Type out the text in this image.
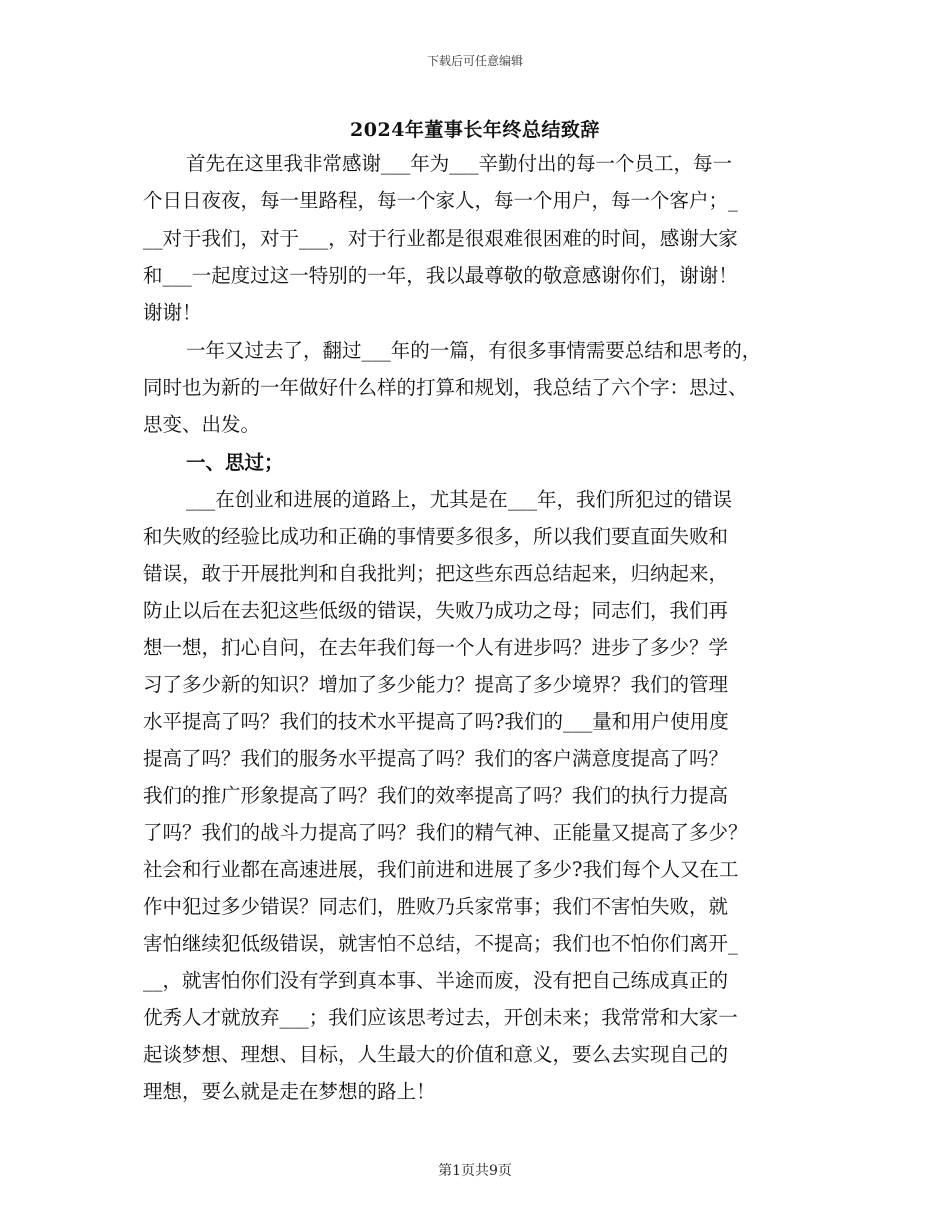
下载后可任意编辑
2024年董事长年终总结致辞
首先在这里我非常感谢___年为___辛勤付出的每一个员工，每一
个日日夜夜，每一里路程，每一个家人，每一个用户，每一个客户；_
__对于我们，对于___，对于行业都是很艰难很困难的时间，感谢大家
和___一起度过这一特别的一年，我以最尊敬的敬意感谢你们，谢谢！
谢谢！
一年又过去了，翻过___年的一篇，有很多事情需要总结和思考的，
同时也为新的一年做好什么样的打算和规划，我总结了六个字：思过、
思变、出发。
一、思过；
___在创业和进展的道路上，尤其是在___年，我们所犯过的错误
和失败的经验比成功和正确的事情要多很多，所以我们要直面失败和
错误，敢于开展批判和自我批判；把这些东西总结起来，归纳起来，
防止以后在去犯这些低级的错误，失败乃成功之母；同志们，我们再
想一想，扪心自问，在去年我们每一个人有进步吗？进步了多少？学
习了多少新的知识？增加了多少能力？提高了多少境界？我们的管理
水平提高了吗？我们的技术水平提高了吗?我们的___量和用户使用度
提高了吗？我们的服务水平提高了吗？我们的客户满意度提高了吗？
我们的推广形象提高了吗？我们的效率提高了吗？我们的执行力提高
了吗？我们的战斗力提高了吗？我们的精气神、正能量又提高了多少？
社会和行业都在高速进展，我们前进和进展了多少?我们每个人又在工
作中犯过多少错误？同志们，胜败乃兵家常事；我们不害怕失败，就
害怕继续犯低级错误，就害怕不总结，不提高；我们也不怕你们离开_
__，就害怕你们没有学到真本事、半途而废，没有把自己练成真正的
优秀人才就放弃___；我们应该思考过去，开创未来；我常常和大家一
起谈梦想、理想、目标，人生最大的价值和意义，要么去实现自己的
理想，要么就是走在梦想的路上！
第1页共9页
